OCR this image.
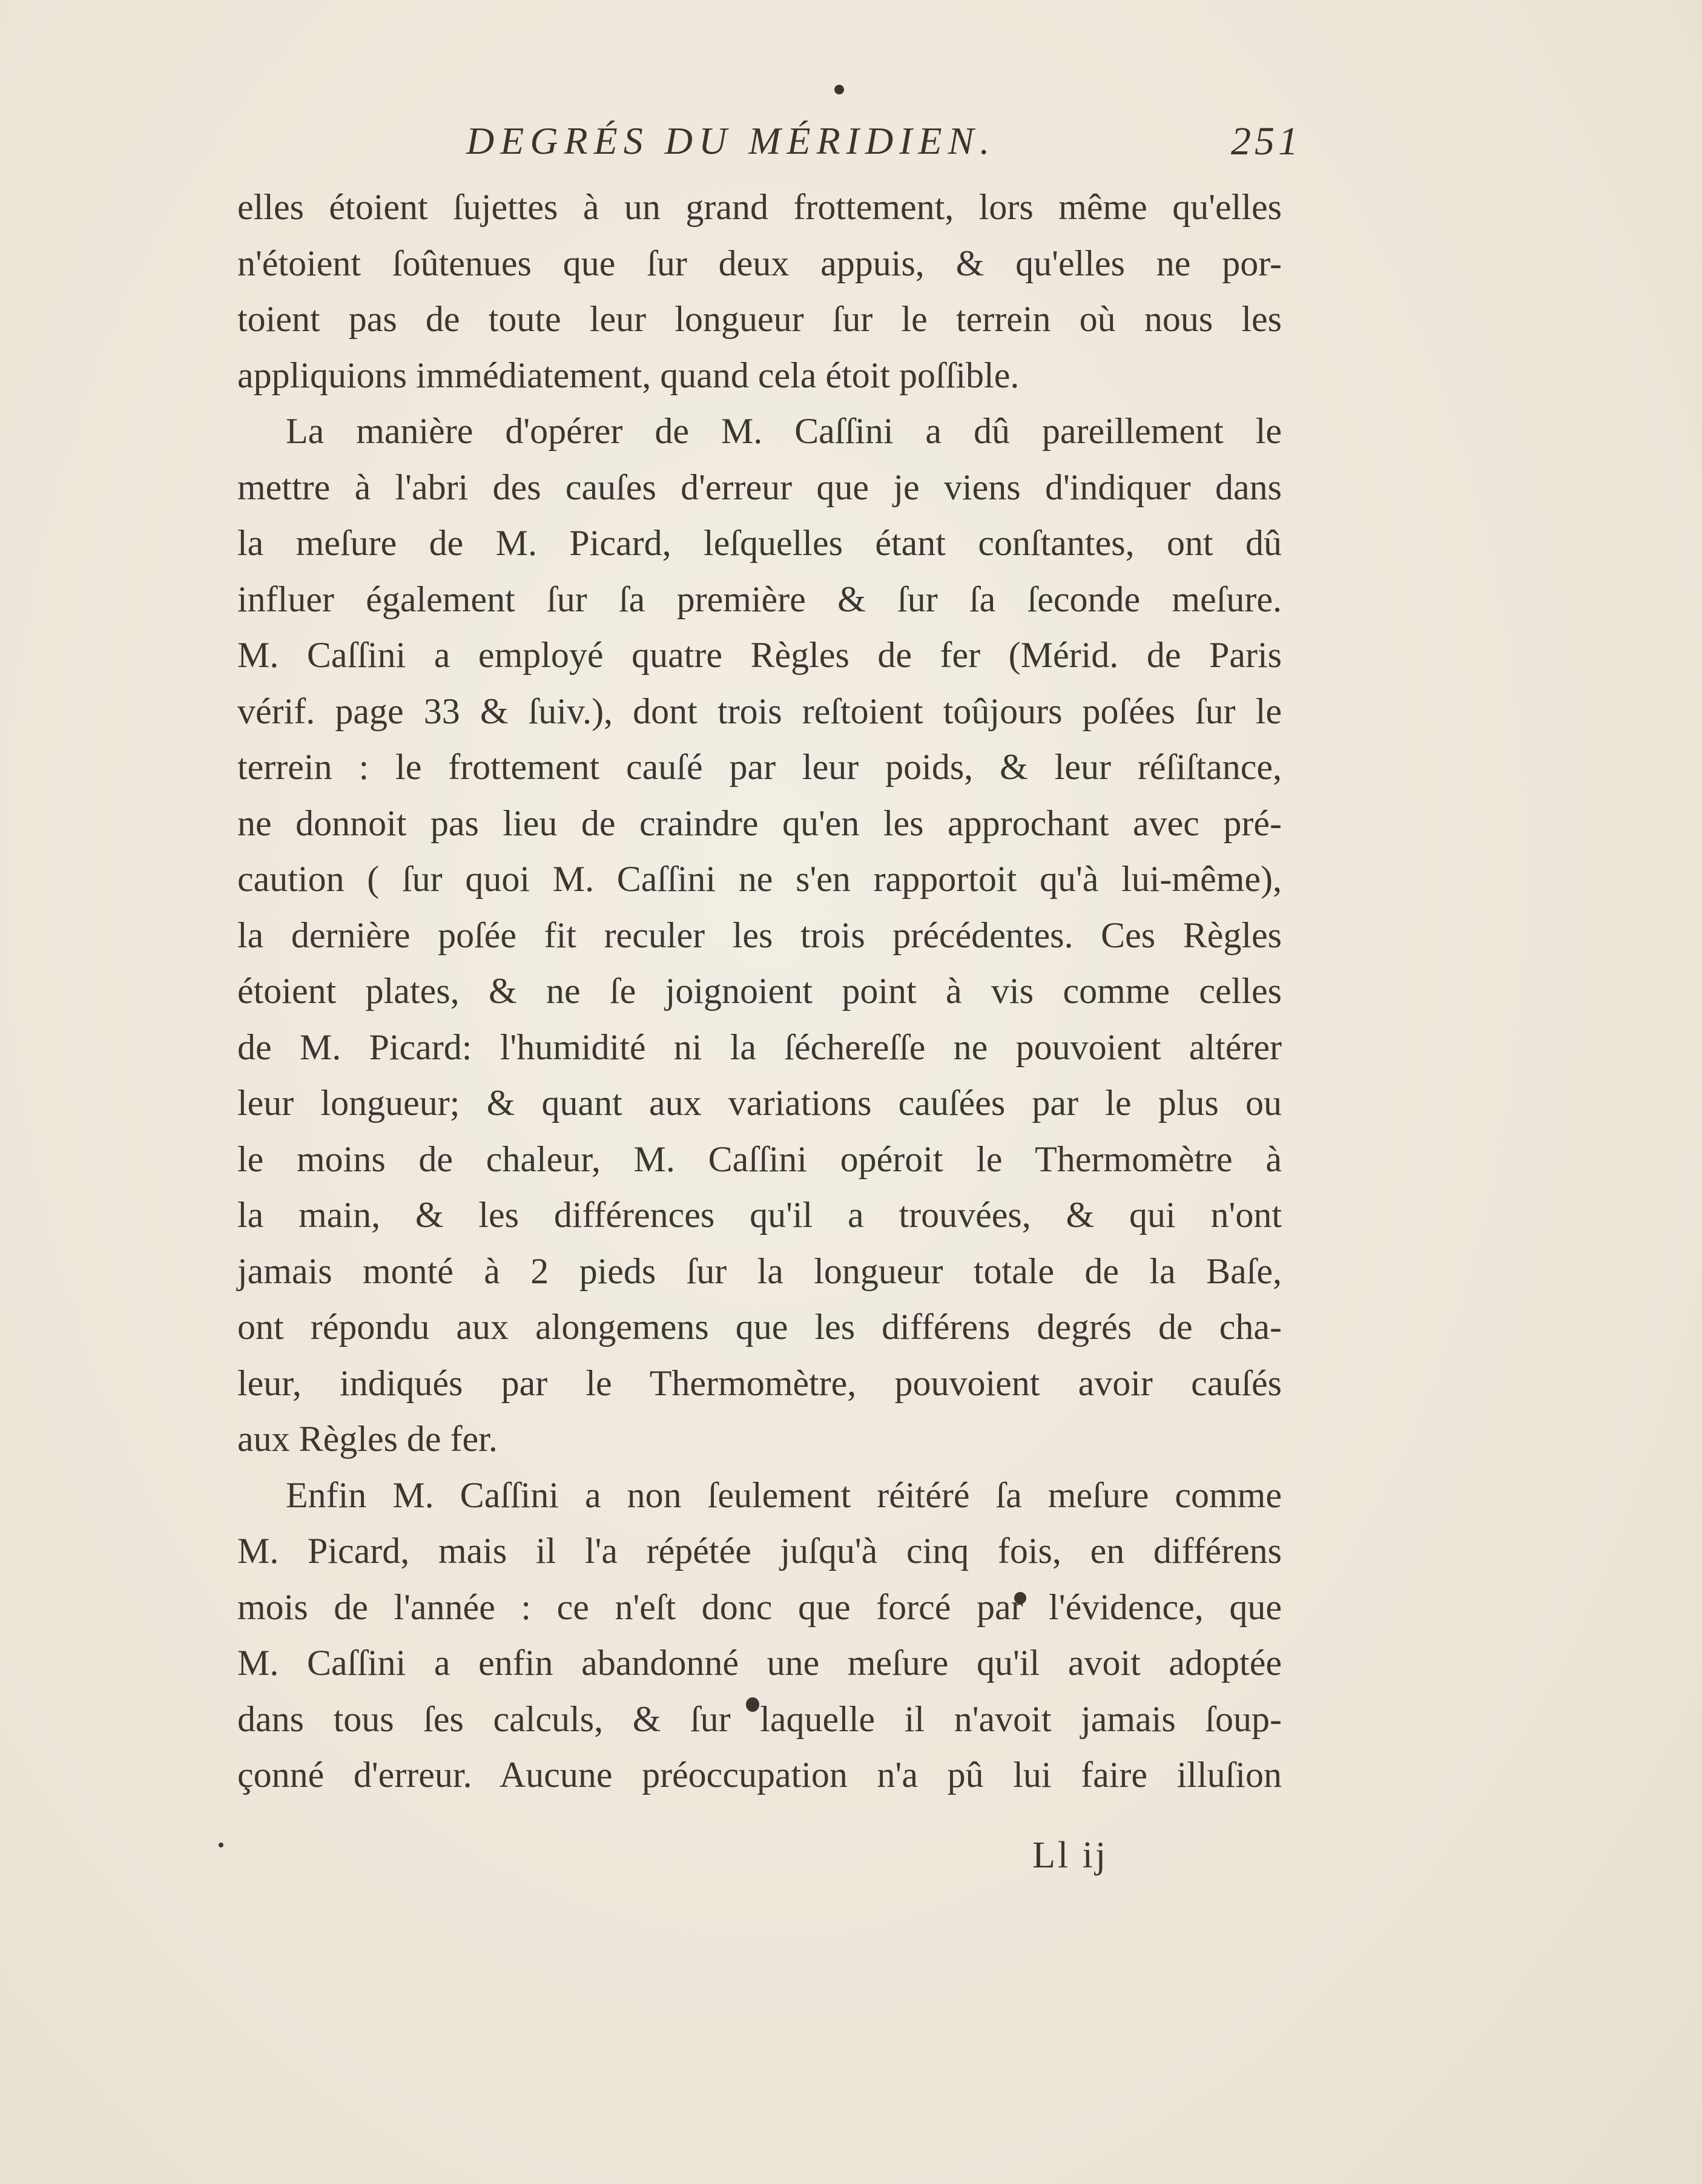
DEGRÉS DU MÉRIDIEN.	251
elles étoient ſujettes à un grand frottement, lors même qu'elles
n'étoient ſoûtenues que ſur deux appuis, & qu'elles ne por-
toient pas de toute leur longueur ſur le terrein où nous les
appliquions immédiatement, quand cela étoit poſſible.
La manière d'opérer de M. Caſſini a dû pareillement le
mettre à l'abri des cauſes d'erreur que je viens d'indiquer dans
la meſure de M. Picard, leſquelles étant conſtantes, ont dû
influer également ſur ſa première & ſur ſa ſeconde meſure.
M. Caſſini a employé quatre Règles de fer (Mérid. de Paris
vérif. page 33 & ſuiv.), dont trois reſtoient toûjours poſées ſur le
terrein : le frottement cauſé par leur poids, & leur réſiſtance,
ne donnoit pas lieu de craindre qu'en les approchant avec pré-
caution ( ſur quoi M. Caſſini ne s'en rapportoit qu'à lui-même),
la dernière poſée fit reculer les trois précédentes. Ces Règles
étoient plates, & ne ſe joignoient point à vis comme celles
de M. Picard: l'humidité ni la ſéchereſſe ne pouvoient altérer
leur longueur; & quant aux variations cauſées par le plus ou
le moins de chaleur, M. Caſſini opéroit le Thermomètre à
la main, & les différences qu'il a trouvées, & qui n'ont
jamais monté à 2 pieds ſur la longueur totale de la Baſe,
ont répondu aux alongemens que les différens degrés de cha-
leur, indiqués par le Thermomètre, pouvoient avoir cauſés
aux Règles de fer.
Enfin M. Caſſini a non ſeulement réitéré ſa meſure comme
M. Picard, mais il l'a répétée juſqu'à cinq fois, en différens
mois de l'année : ce n'eſt donc que forcé par l'évidence, que
M. Caſſini a enfin abandonné une meſure qu'il avoit adoptée
dans tous ſes calculs, & ſur laquelle il n'avoit jamais ſoup-
çonné d'erreur. Aucune préoccupation n'a pû lui faire illuſion
Ll ij
